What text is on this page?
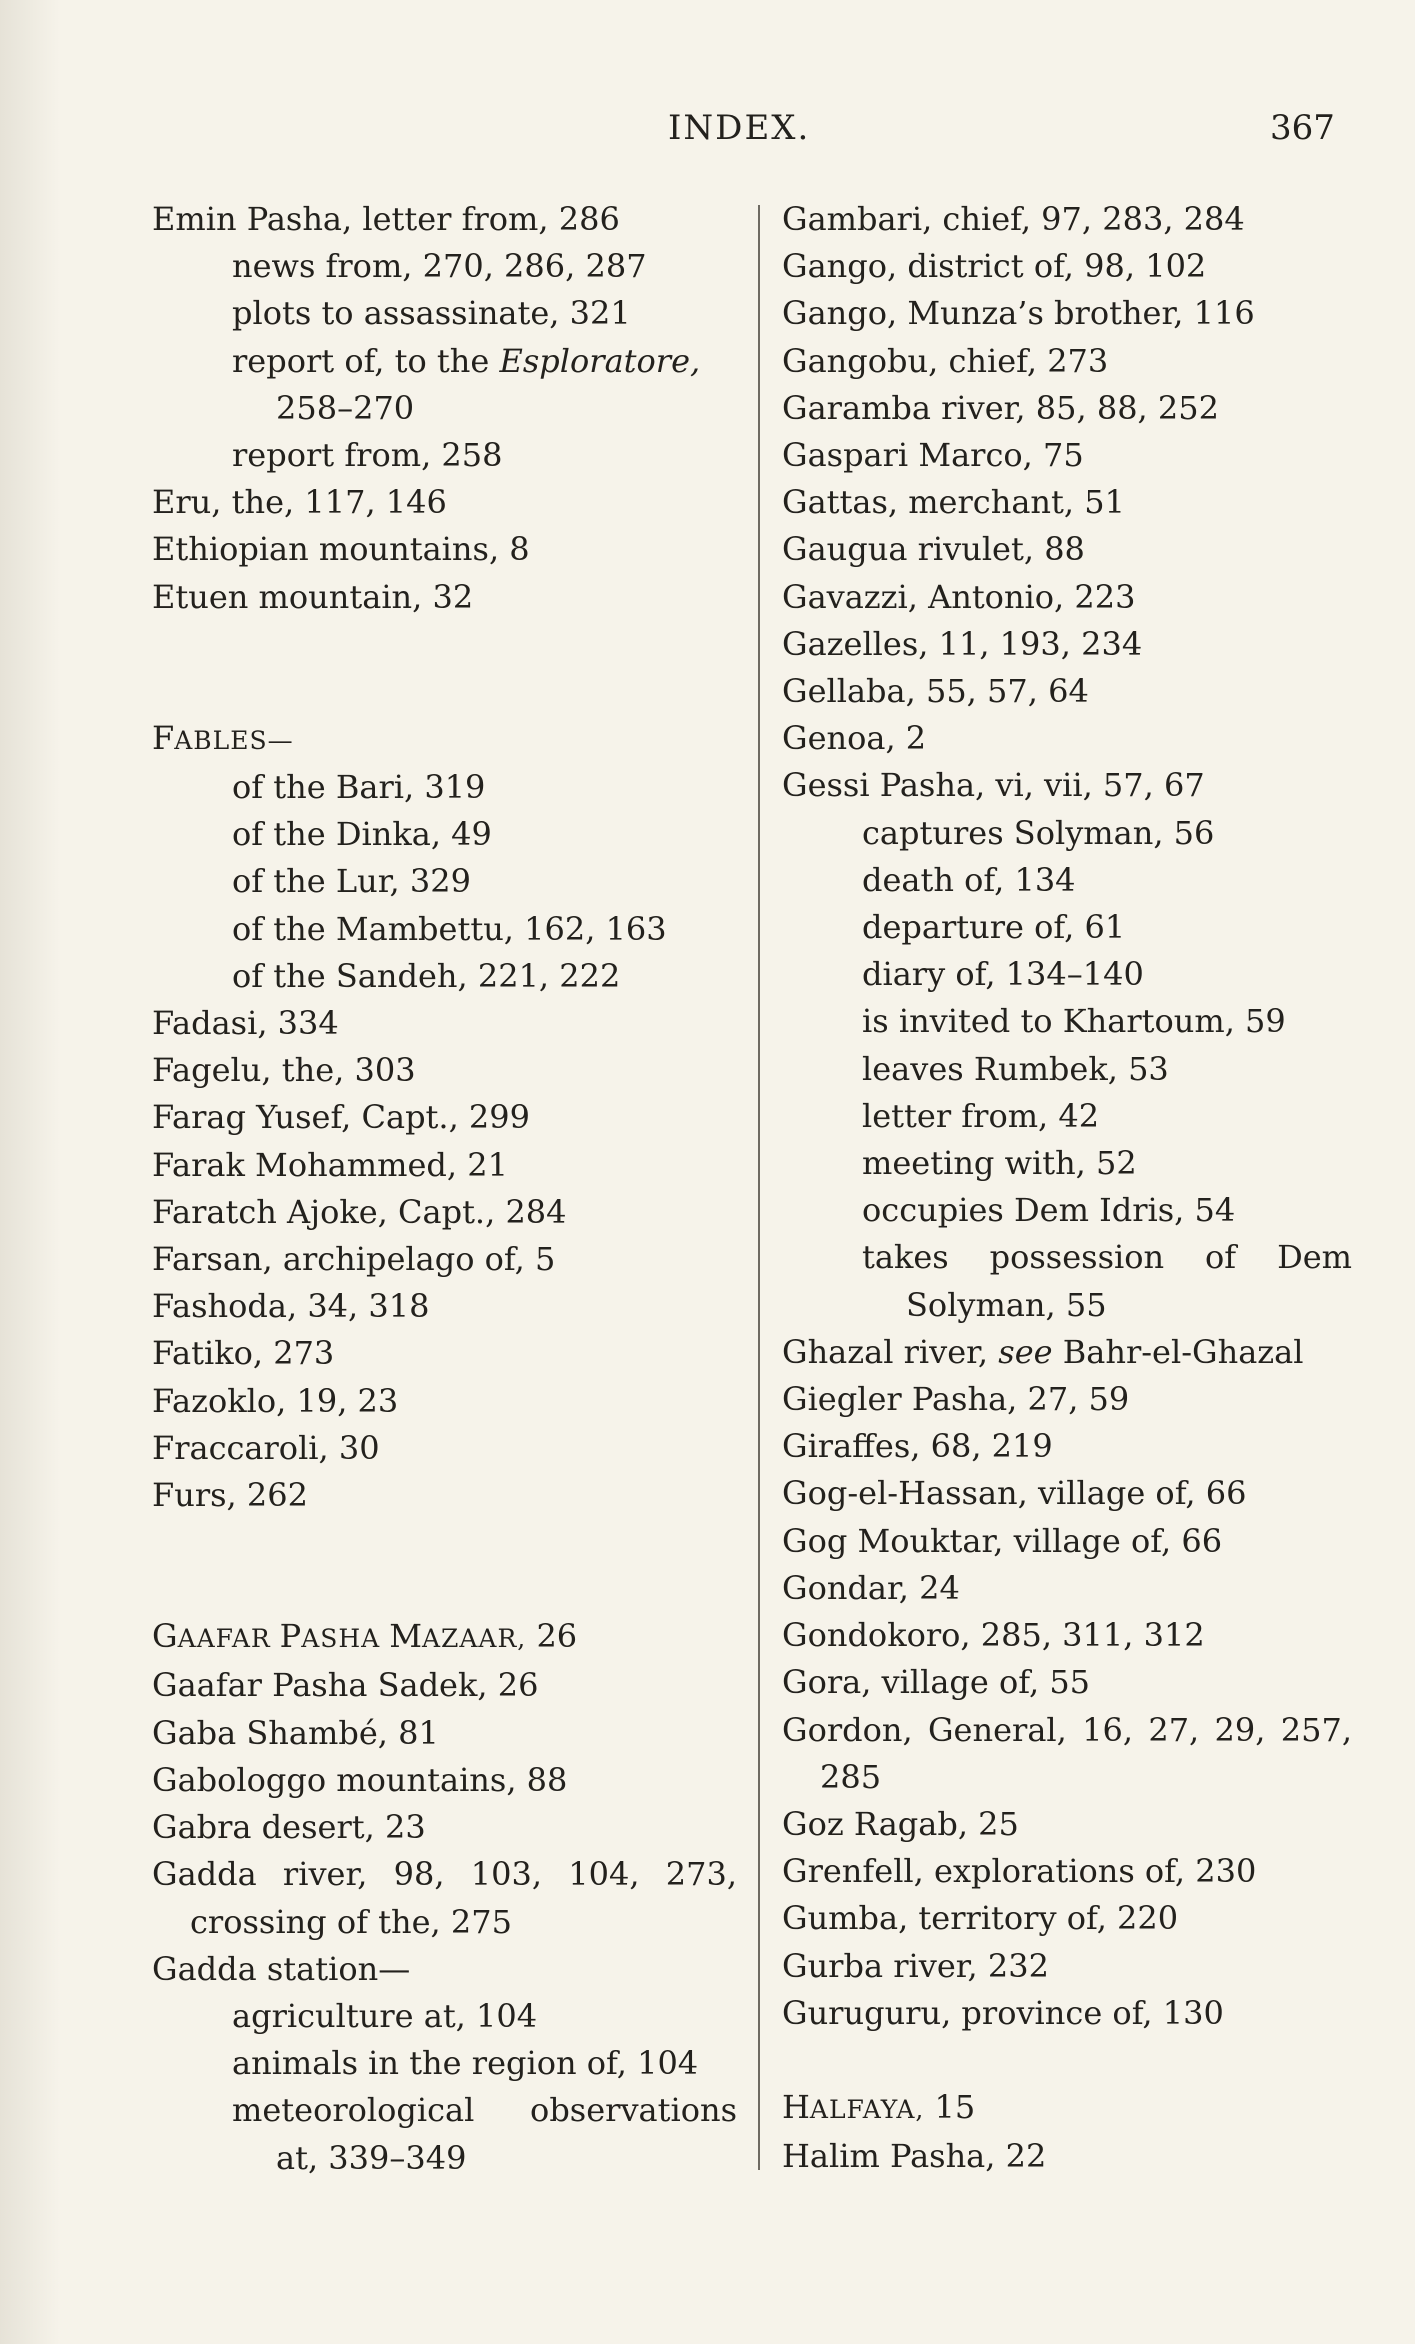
INDEX.	367
Emin Pasha, letter from, 286
news from, 270, 286, 287
plots to assassinate, 321
report of, to the Esploratore,
258–270
report from, 258
Eru, the, 117, 146
Ethiopian mountains, 8
Etuen mountain, 32
FABLES—
of the Bari, 319
of the Dinka, 49
of the Lur, 329
of the Mambettu, 162, 163
of the Sandeh, 221, 222
Fadasi, 334
Fagelu, the, 303
Farag Yusef, Capt., 299
Farak Mohammed, 21
Faratch Ajoke, Capt., 284
Farsan, archipelago of, 5
Fashoda, 34, 318
Fatiko, 273
Fazoklo, 19, 23
Fraccaroli, 30
Furs, 262
GAAFAR PASHA MAZAAR, 26
Gaafar Pasha Sadek, 26
Gaba Shambé, 81
Gabologgo mountains, 88
Gabra desert, 23
Gadda river, 98, 103, 104, 273,
crossing of the, 275
Gadda station—
agriculture at, 104
animals in the region of, 104
meteorological observations
at, 339–349
Gambari, chief, 97, 283, 284
Gango, district of, 98, 102
Gango, Munza’s brother, 116
Gangobu, chief, 273
Garamba river, 85, 88, 252
Gaspari Marco, 75
Gattas, merchant, 51
Gaugua rivulet, 88
Gavazzi, Antonio, 223
Gazelles, 11, 193, 234
Gellaba, 55, 57, 64
Genoa, 2
Gessi Pasha, vi, vii, 57, 67
captures Solyman, 56
death of, 134
departure of, 61
diary of, 134–140
is invited to Khartoum, 59
leaves Rumbek, 53
letter from, 42
meeting with, 52
occupies Dem Idris, 54
takes possession of Dem
Solyman, 55
Ghazal river, see Bahr-el-Ghazal
Giegler Pasha, 27, 59
Giraffes, 68, 219
Gog-el-Hassan, village of, 66
Gog Mouktar, village of, 66
Gondar, 24
Gondokoro, 285, 311, 312
Gora, village of, 55
Gordon, General, 16, 27, 29, 257,
285
Goz Ragab, 25
Grenfell, explorations of, 230
Gumba, territory of, 220
Gurba river, 232
Guruguru, province of, 130
HALFAYA, 15
Halim Pasha, 22
